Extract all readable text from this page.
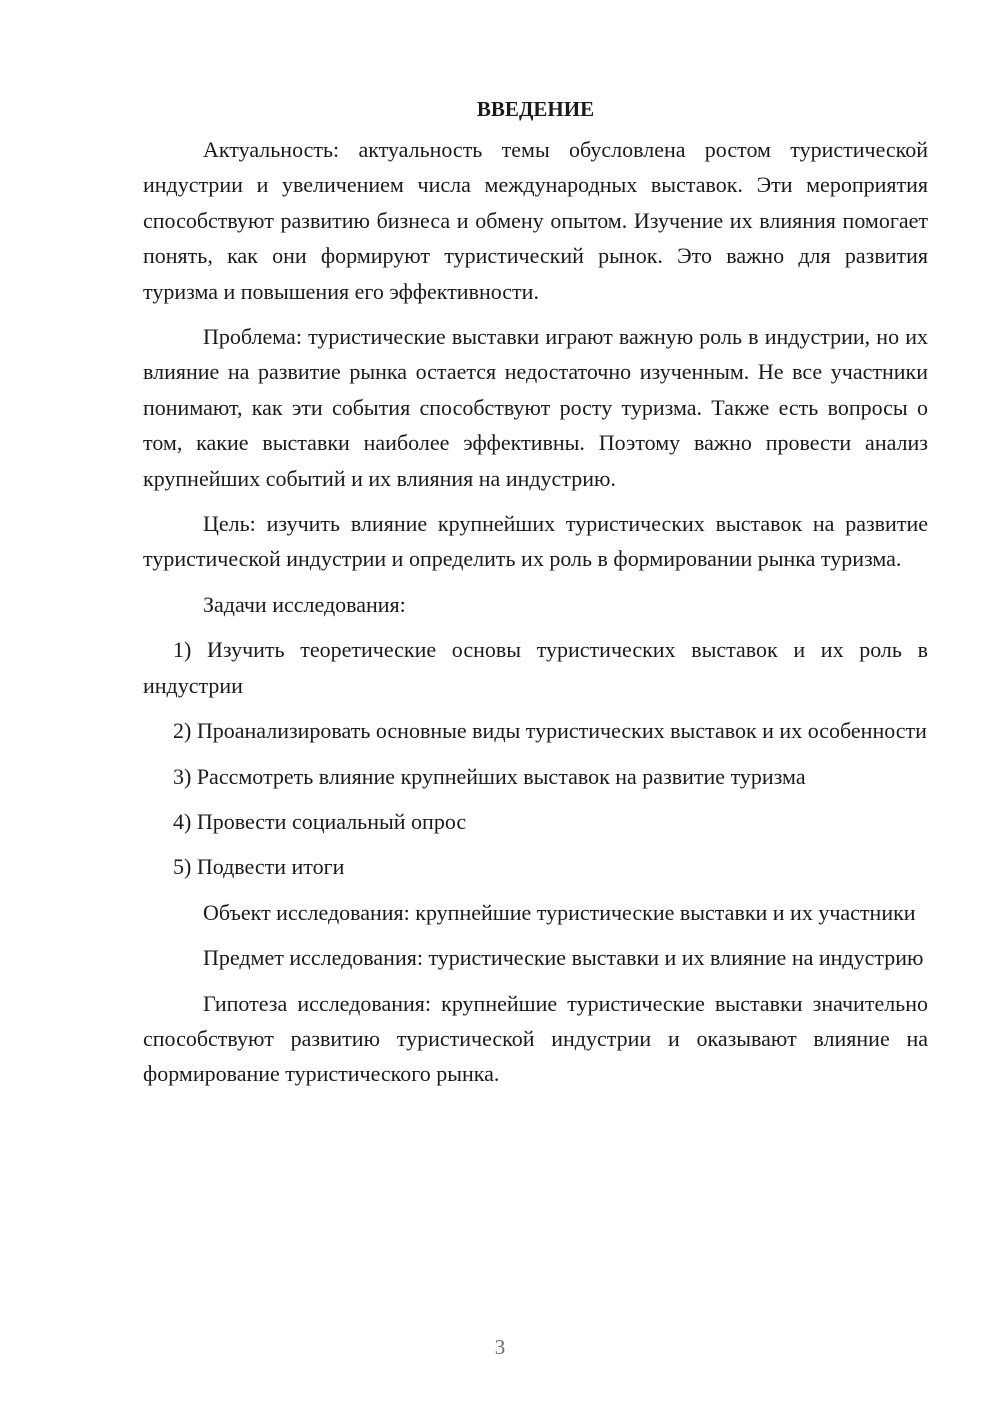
ВВЕДЕНИЕ

Актуальность: актуальность темы обусловлена ростом туристической индустрии и увеличением числа международных выставок. Эти мероприятия способствуют развитию бизнеса и обмену опытом. Изучение их влияния помогает понять, как они формируют туристический рынок. Это важно для развития туризма и повышения его эффективности.

Проблема: туристические выставки играют важную роль в индустрии, но их влияние на развитие рынка остается недостаточно изученным. Не все участники понимают, как эти события способствуют росту туризма. Также есть вопросы о том, какие выставки наиболее эффективны. Поэтому важно провести анализ крупнейших событий и их влияния на индустрию.

Цель: изучить влияние крупнейших туристических выставок на развитие туристической индустрии и определить их роль в формировании рынка туризма.

Задачи исследования:

1) Изучить теоретические основы туристических выставок и их роль в индустрии

2) Проанализировать основные виды туристических выставок и их особенности

3) Рассмотреть влияние крупнейших выставок на развитие туризма

4) Провести социальный опрос

5) Подвести итоги

Объект исследования: крупнейшие туристические выставки и их участники

Предмет исследования: туристические выставки и их влияние на индустрию

Гипотеза исследования: крупнейшие туристические выставки значительно способствуют развитию туристической индустрии и оказывают влияние на формирование туристического рынка.

3
